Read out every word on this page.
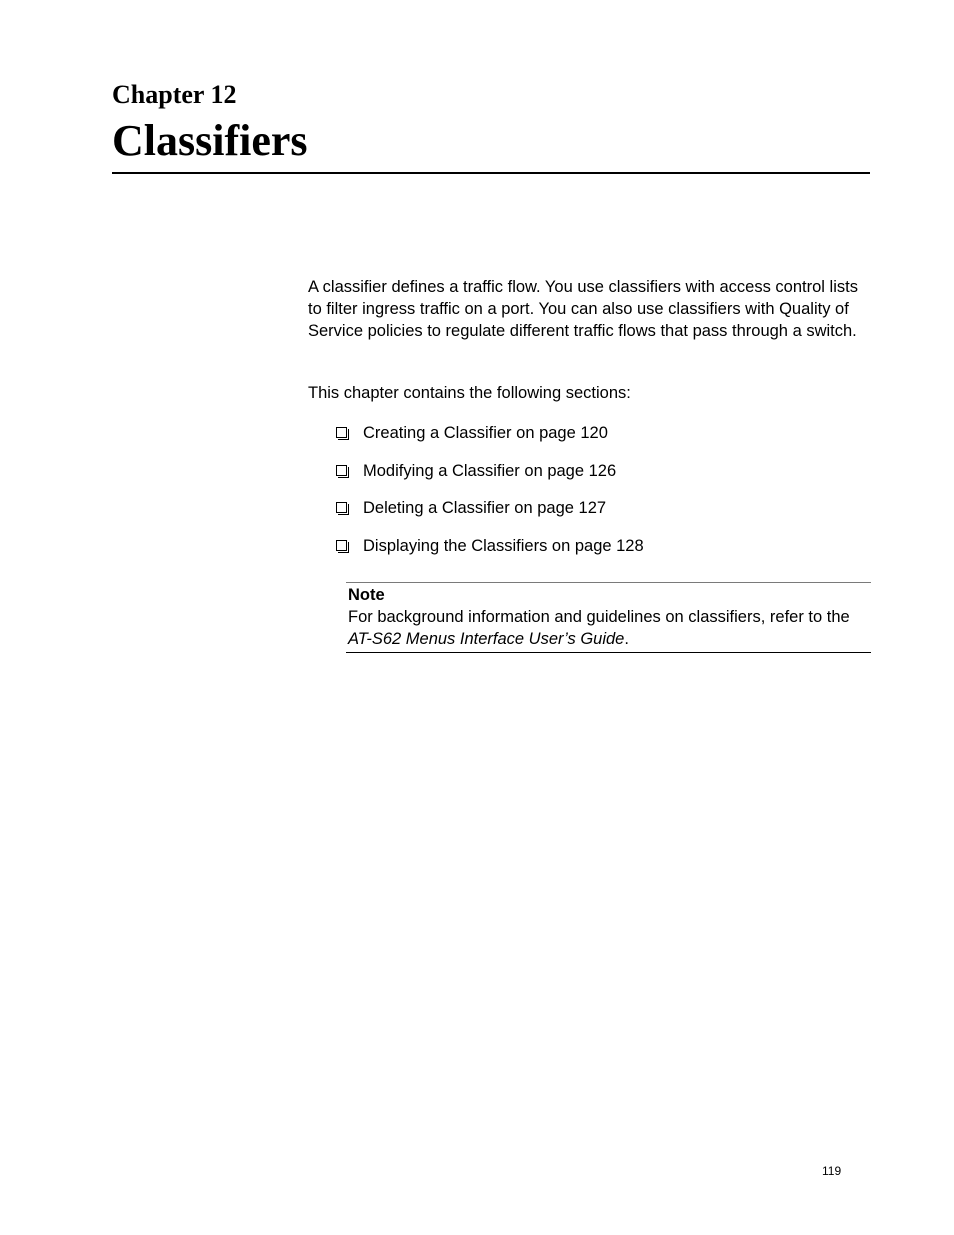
Chapter 12
Classifiers

A classifier defines a traffic flow. You use classifiers with access control lists to filter ingress traffic on a port. You can also use classifiers with Quality of Service policies to regulate different traffic flows that pass through a switch.

This chapter contains the following sections:

Creating a Classifier on page 120
Modifying a Classifier on page 126
Deleting a Classifier on page 127
Displaying the Classifiers on page 128

Note

For background information and guidelines on classifiers, refer to the AT-S62 Menus Interface User’s Guide.

119
